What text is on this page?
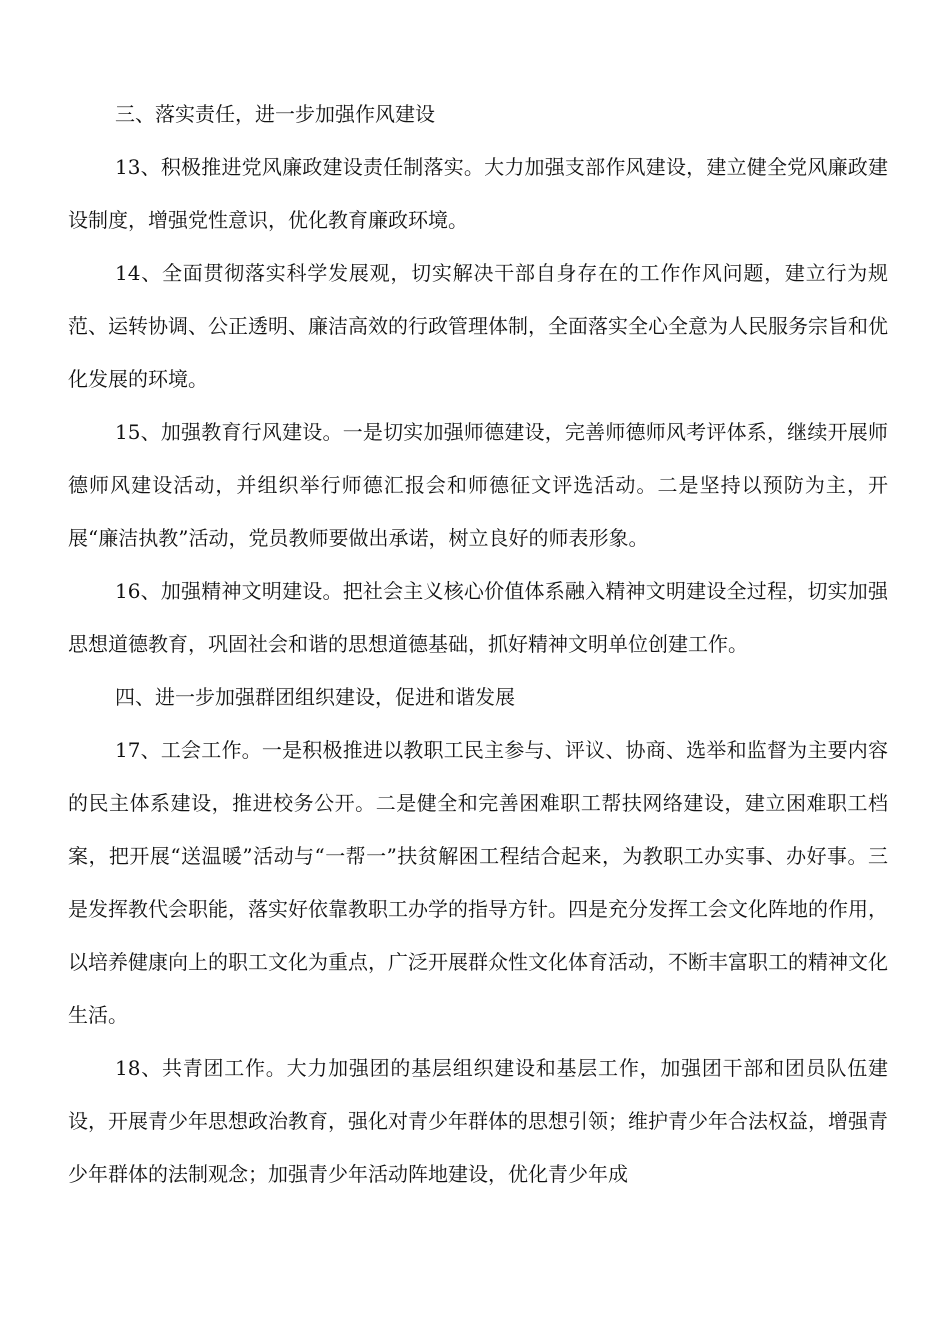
三、落实责任，进一步加强作风建设

13、积极推进党风廉政建设责任制落实。大力加强支部作风建设，建立健全党风廉政建设制度，增强党性意识，优化教育廉政环境。

14、全面贯彻落实科学发展观，切实解决干部自身存在的工作作风问题，建立行为规范、运转协调、公正透明、廉洁高效的行政管理体制，全面落实全心全意为人民服务宗旨和优化发展的环境。

15、加强教育行风建设。一是切实加强师德建设，完善师德师风考评体系，继续开展师德师风建设活动，并组织举行师德汇报会和师德征文评选活动。二是坚持以预防为主，开展“廉洁执教”活动，党员教师要做出承诺，树立良好的师表形象。

16、加强精神文明建设。把社会主义核心价值体系融入精神文明建设全过程，切实加强思想道德教育，巩固社会和谐的思想道德基础，抓好精神文明单位创建工作。

四、进一步加强群团组织建设，促进和谐发展

17、工会工作。一是积极推进以教职工民主参与、评议、协商、选举和监督为主要内容的民主体系建设，推进校务公开。二是健全和完善困难职工帮扶网络建设，建立困难职工档案，把开展“送温暖”活动与“一帮一”扶贫解困工程结合起来，为教职工办实事、办好事。三是发挥教代会职能，落实好依靠教职工办学的指导方针。四是充分发挥工会文化阵地的作用，以培养健康向上的职工文化为重点，广泛开展群众性文化体育活动，不断丰富职工的精神文化生活。

18、共青团工作。大力加强团的基层组织建设和基层工作，加强团干部和团员队伍建设，开展青少年思想政治教育，强化对青少年群体的思想引领；维护青少年合法权益，增强青少年群体的法制观念；加强青少年活动阵地建设，优化青少年成
